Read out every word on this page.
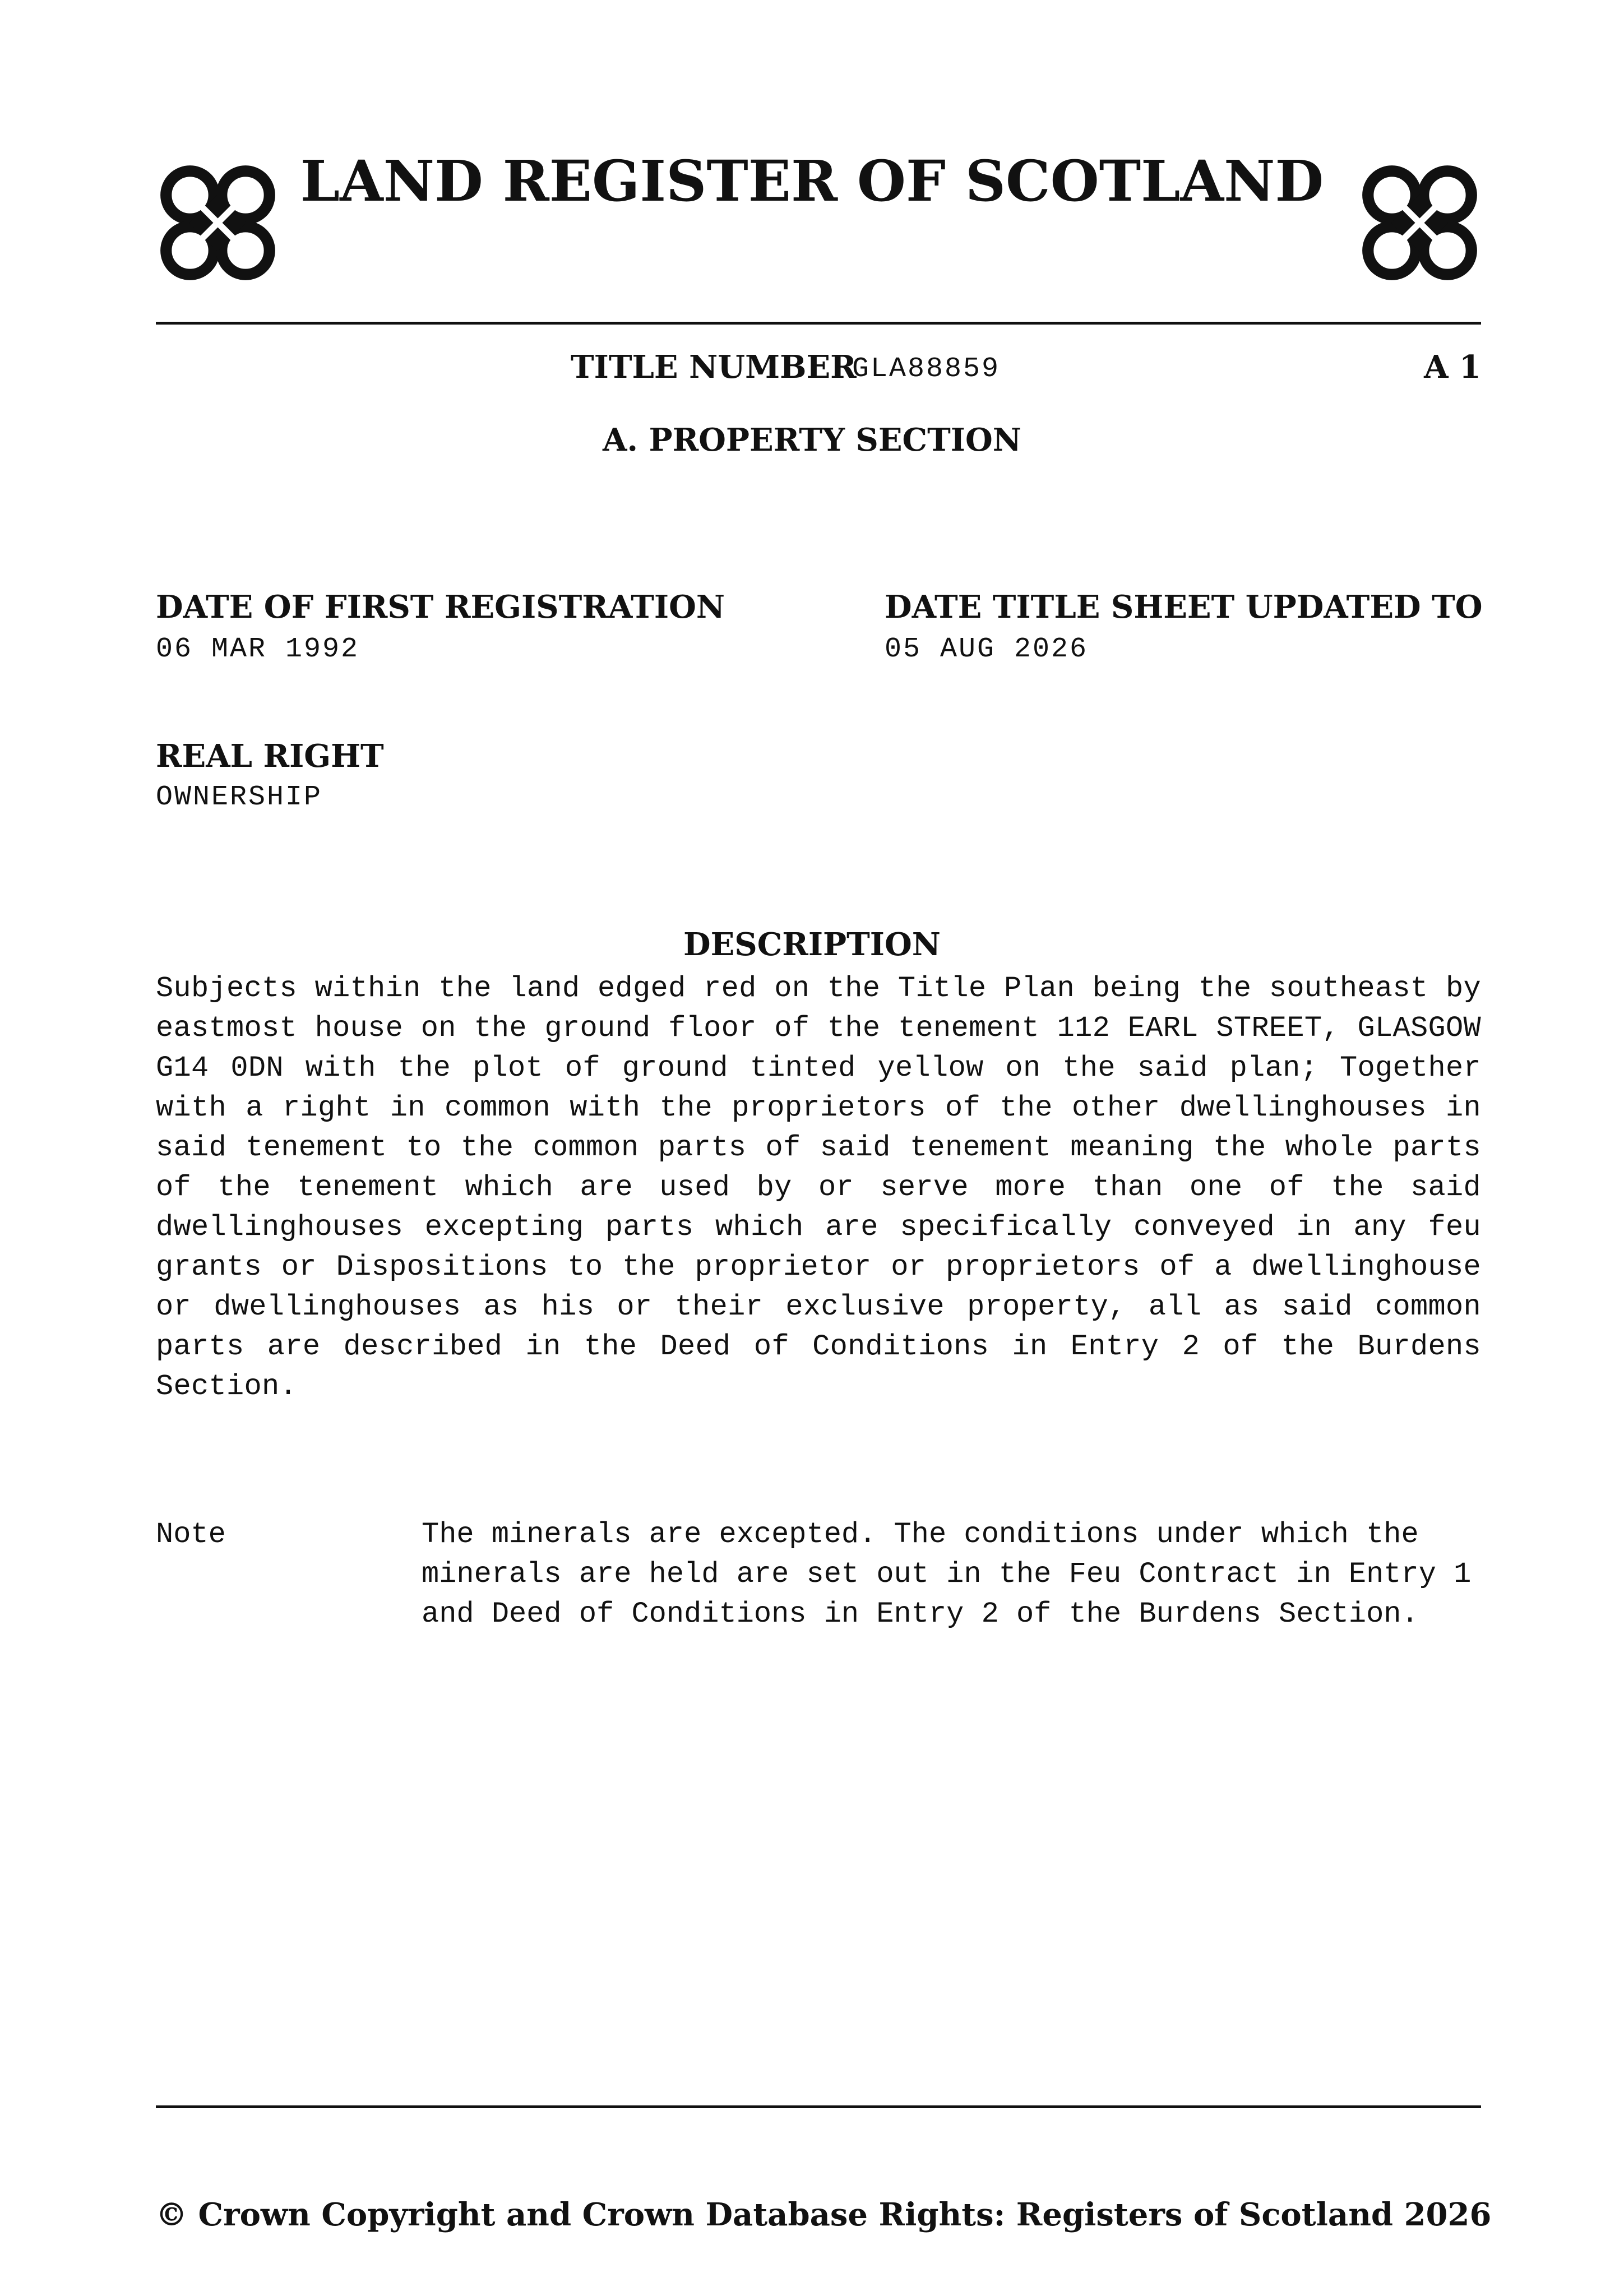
LAND REGISTER OF SCOTLAND
TITLE NUMBER
GLA88859	A 1
A. PROPERTY SECTION
DATE OF FIRST REGISTRATION
06 MAR 1992
DATE TITLE SHEET UPDATED TO
05 AUG 2026
REAL RIGHT
OWNERSHIP
DESCRIPTION

Subjects within the land edged red on the Title Plan being the southeast by eastmost house on the ground floor of the tenement 112 EARL STREET, GLASGOW G14 0DN with the plot of ground tinted yellow on the said plan; Together with a right in common with the proprietors of the other dwellinghouses in said tenement to the common parts of said tenement meaning the whole parts of the tenement which are used by or serve more than one of the said dwellinghouses excepting parts which are specifically conveyed in any feu grants or Dispositions to the proprietor or proprietors of a dwellinghouse or dwellinghouses as his or their exclusive property, all as said common parts are described in the Deed of Conditions in Entry 2 of the Burdens Section.

Note	The minerals are excepted. The conditions under which the minerals are held are set out in the Feu Contract in Entry 1 and Deed of Conditions in Entry 2 of the Burdens Section.

© Crown Copyright and Crown Database Rights: Registers of Scotland 2026
